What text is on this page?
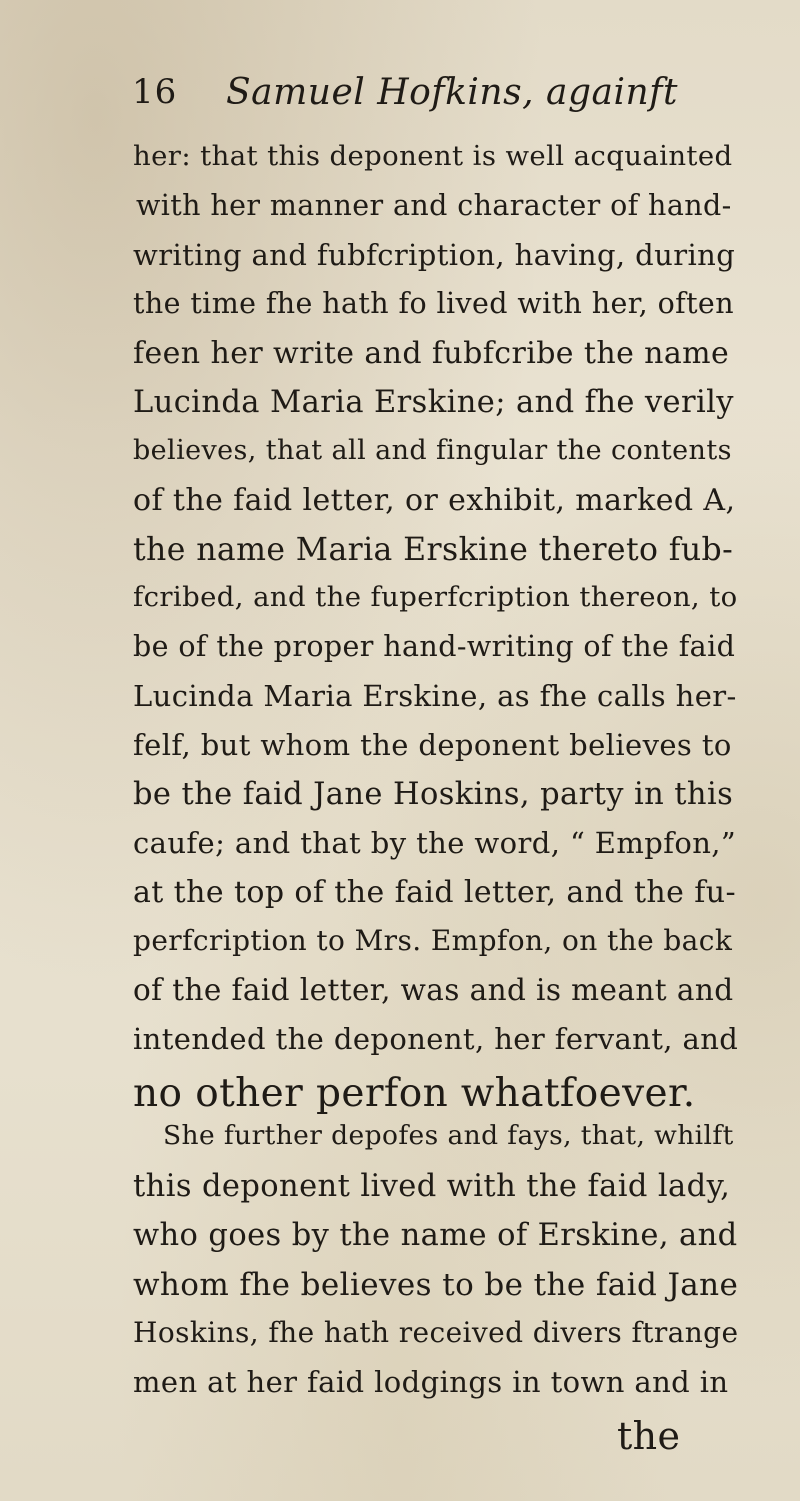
16 Samuel Hofkins, againft
her: that this deponent is well acquainted
with her manner and character of hand-
writing and fubfcription, having, during
the time fhe hath fo lived with her, often
feen her write and fubfcribe the name
Lucinda Maria Erskine; and fhe verily
believes, that all and fingular the contents
of the faid letter, or exhibit, marked A,
the name Maria Erskine thereto fub-
fcribed, and the fuperfcription thereon, to
be of the proper hand-writing of the faid
Lucinda Maria Erskine, as fhe calls her-
felf, but whom the deponent believes to
be the faid Jane Hoskins, party in this
caufe; and that by the word, “ Empfon,”
at the top of the faid letter, and the fu-
perfcription to Mrs. Empfon, on the back
of the faid letter, was and is meant and
intended the deponent, her fervant, and
no other perfon whatfoever.
She further depofes and fays, that, whilft
this deponent lived with the faid lady,
who goes by the name of Erskine, and
whom fhe believes to be the faid Jane
Hoskins, fhe hath received divers ftrange
men at her faid lodgings in town and in
the
